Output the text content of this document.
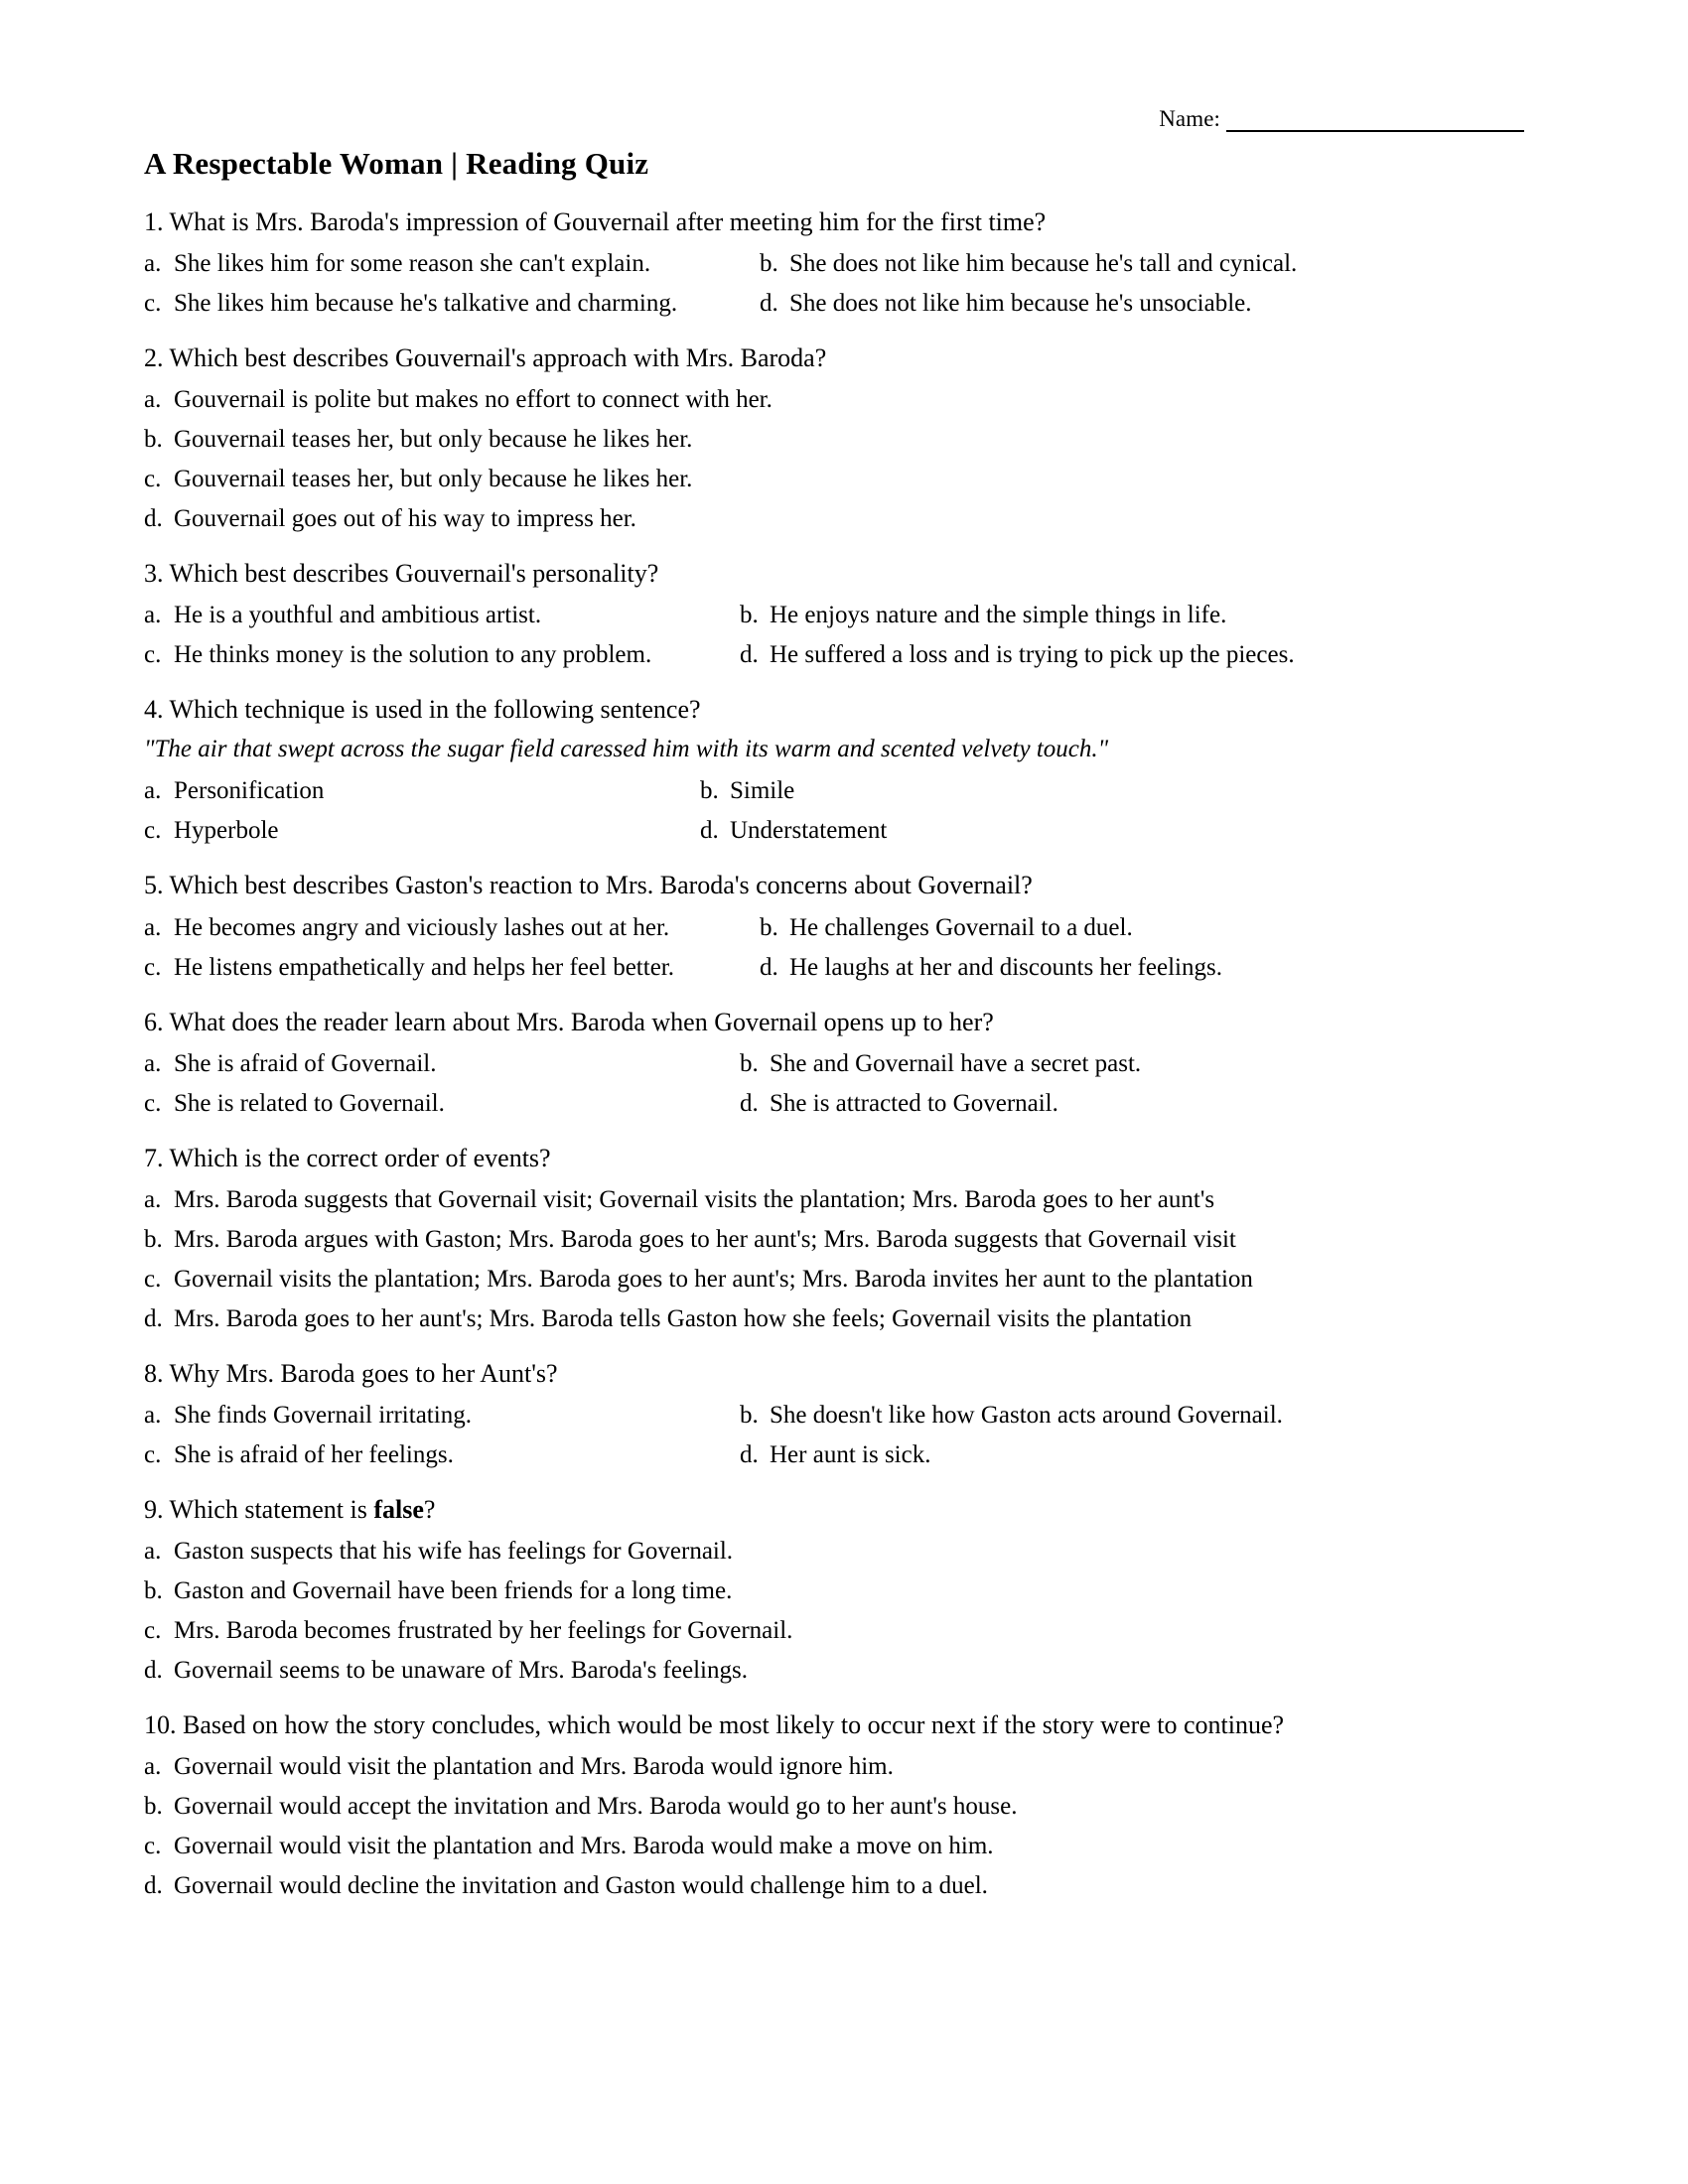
Name:
A Respectable Woman | Reading Quiz
1. What is Mrs. Baroda's impression of Gouvernail after meeting him for the first time?
a. She likes him for some reason she can't explain.	b. She does not like him because he's tall and cynical.
c. She likes him because he's talkative and charming.	d. She does not like him because he's unsociable.
2. Which best describes Gouvernail's approach with Mrs. Baroda?
a. Gouvernail is polite but makes no effort to connect with her.
b. Gouvernail teases her, but only because he likes her.
c. Gouvernail teases her, but only because he likes her.
d. Gouvernail goes out of his way to impress her.
3. Which best describes Gouvernail's personality?
a. He is a youthful and ambitious artist.	b. He enjoys nature and the simple things in life.
c. He thinks money is the solution to any problem.	d. He suffered a loss and is trying to pick up the pieces.
4. Which technique is used in the following sentence?
"The air that swept across the sugar field caressed him with its warm and scented velvety touch."
a. Personification	b. Simile
c. Hyperbole	d. Understatement
5. Which best describes Gaston's reaction to Mrs. Baroda's concerns about Governail?
a. He becomes angry and viciously lashes out at her.	b. He challenges Governail to a duel.
c. He listens empathetically and helps her feel better.	d. He laughs at her and discounts her feelings.
6. What does the reader learn about Mrs. Baroda when Governail opens up to her?
a. She is afraid of Governail.	b. She and Governail have a secret past.
c. She is related to Governail.	d. She is attracted to Governail.
7. Which is the correct order of events?
a. Mrs. Baroda suggests that Governail visit; Governail visits the plantation; Mrs. Baroda goes to her aunt's
b. Mrs. Baroda argues with Gaston; Mrs. Baroda goes to her aunt's; Mrs. Baroda suggests that Governail visit
c. Governail visits the plantation; Mrs. Baroda goes to her aunt's; Mrs. Baroda invites her aunt to the plantation
d. Mrs. Baroda goes to her aunt's; Mrs. Baroda tells Gaston how she feels; Governail visits the plantation
8. Why Mrs. Baroda goes to her Aunt's?
a. She finds Governail irritating.	b. She doesn't like how Gaston acts around Governail.
c. She is afraid of her feelings.	d. Her aunt is sick.
9. Which statement is false?
a. Gaston suspects that his wife has feelings for Governail.
b. Gaston and Governail have been friends for a long time.
c. Mrs. Baroda becomes frustrated by her feelings for Governail.
d. Governail seems to be unaware of Mrs. Baroda's feelings.
10. Based on how the story concludes, which would be most likely to occur next if the story were to continue?
a. Governail would visit the plantation and Mrs. Baroda would ignore him.
b. Governail would accept the invitation and Mrs. Baroda would go to her aunt's house.
c. Governail would visit the plantation and Mrs. Baroda would make a move on him.
d. Governail would decline the invitation and Gaston would challenge him to a duel.
